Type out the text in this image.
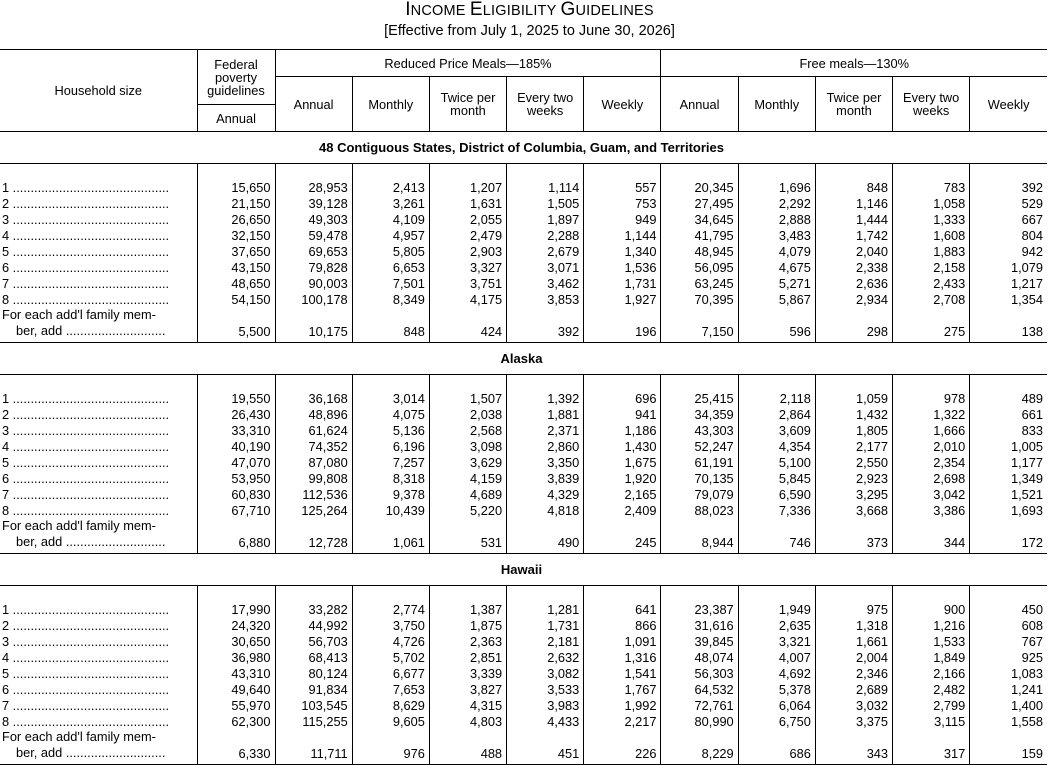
INCOME ELIGIBILITY GUIDELINES
[Effective from July 1, 2025 to June 30, 2026]
Household size	Federal poverty guidelines	Reduced Price Meals—185%					Free meals—130%				
		Annual	Monthly	Twice per month	Every two weeks	Weekly	Annual	Monthly	Twice per month	Every two weeks	Weekly
	Annual										
48 Contiguous States, District of Columbia, Guam, and Territories											

1 ............................................	15,650	28,953	2,413	1,207	1,114	557	20,345	1,696	848	783	392
2 ............................................	21,150	39,128	3,261	1,631	1,505	753	27,495	2,292	1,146	1,058	529
3 ............................................	26,650	49,303	4,109	2,055	1,897	949	34,645	2,888	1,444	1,333	667
4 ............................................	32,150	59,478	4,957	2,479	2,288	1,144	41,795	3,483	1,742	1,608	804
5 ............................................	37,650	69,653	5,805	2,903	2,679	1,340	48,945	4,079	2,040	1,883	942
6 ............................................	43,150	79,828	6,653	3,327	3,071	1,536	56,095	4,675	2,338	2,158	1,079
7 ............................................	48,650	90,003	7,501	3,751	3,462	1,731	63,245	5,271	2,636	2,433	1,217
8 ............................................	54,150	100,178	8,349	4,175	3,853	1,927	70,395	5,867	2,934	2,708	1,354

For each add'l family mem-
ber, add ............................	5,500	10,175	848	424	392	196	7,150	596	298	275	138
Alaska											

1 ............................................	19,550	36,168	3,014	1,507	1,392	696	25,415	2,118	1,059	978	489
2 ............................................	26,430	48,896	4,075	2,038	1,881	941	34,359	2,864	1,432	1,322	661
3 ............................................	33,310	61,624	5,136	2,568	2,371	1,186	43,303	3,609	1,805	1,666	833
4 ............................................	40,190	74,352	6,196	3,098	2,860	1,430	52,247	4,354	2,177	2,010	1,005
5 ............................................	47,070	87,080	7,257	3,629	3,350	1,675	61,191	5,100	2,550	2,354	1,177
6 ............................................	53,950	99,808	8,318	4,159	3,839	1,920	70,135	5,845	2,923	2,698	1,349
7 ............................................	60,830	112,536	9,378	4,689	4,329	2,165	79,079	6,590	3,295	3,042	1,521
8 ............................................	67,710	125,264	10,439	5,220	4,818	2,409	88,023	7,336	3,668	3,386	1,693

For each add'l family mem-
ber, add ............................	6,880	12,728	1,061	531	490	245	8,944	746	373	344	172
Hawaii											

1 ............................................	17,990	33,282	2,774	1,387	1,281	641	23,387	1,949	975	900	450
2 ............................................	24,320	44,992	3,750	1,875	1,731	866	31,616	2,635	1,318	1,216	608
3 ............................................	30,650	56,703	4,726	2,363	2,181	1,091	39,845	3,321	1,661	1,533	767
4 ............................................	36,980	68,413	5,702	2,851	2,632	1,316	48,074	4,007	2,004	1,849	925
5 ............................................	43,310	80,124	6,677	3,339	3,082	1,541	56,303	4,692	2,346	2,166	1,083
6 ............................................	49,640	91,834	7,653	3,827	3,533	1,767	64,532	5,378	2,689	2,482	1,241
7 ............................................	55,970	103,545	8,629	4,315	3,983	1,992	72,761	6,064	3,032	2,799	1,400
8 ............................................	62,300	115,255	9,605	4,803	4,433	2,217	80,990	6,750	3,375	3,115	1,558

For each add'l family mem-
ber, add ............................	6,330	11,711	976	488	451	226	8,229	686	343	317	159
